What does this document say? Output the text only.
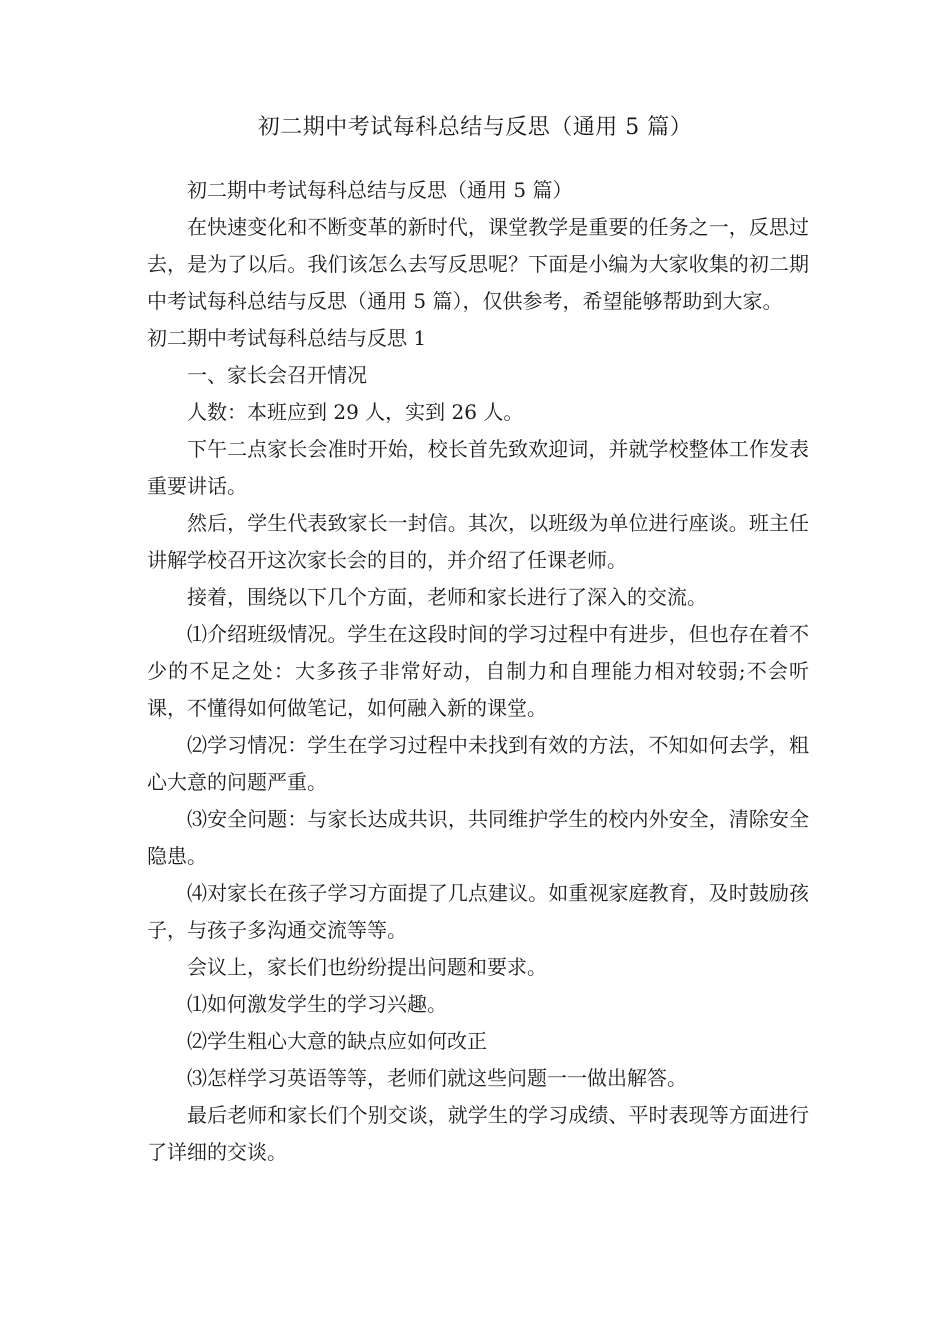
初二期中考试每科总结与反思（通用 5 篇）

初二期中考试每科总结与反思（通用 5 篇）

在快速变化和不断变革的新时代，课堂教学是重要的任务之一，反思过去，是为了以后。我们该怎么去写反思呢？下面是小编为大家收集的初二期中考试每科总结与反思（通用 5 篇），仅供参考，希望能够帮助到大家。

初二期中考试每科总结与反思 1

一、家长会召开情况

人数：本班应到 29 人，实到 26 人。

下午二点家长会准时开始，校长首先致欢迎词，并就学校整体工作发表重要讲话。

然后，学生代表致家长一封信。其次，以班级为单位进行座谈。班主任讲解学校召开这次家长会的目的，并介绍了任课老师。

接着，围绕以下几个方面，老师和家长进行了深入的交流。

⑴介绍班级情况。学生在这段时间的学习过程中有进步，但也存在着不少的不足之处：大多孩子非常好动，自制力和自理能力相对较弱;不会听课，不懂得如何做笔记，如何融入新的课堂。

⑵学习情况：学生在学习过程中未找到有效的方法，不知如何去学，粗心大意的问题严重。

⑶安全问题：与家长达成共识，共同维护学生的校内外安全，清除安全隐患。

⑷对家长在孩子学习方面提了几点建议。如重视家庭教育，及时鼓励孩子，与孩子多沟通交流等等。

会议上，家长们也纷纷提出问题和要求。

⑴如何激发学生的学习兴趣。

⑵学生粗心大意的缺点应如何改正

⑶怎样学习英语等等，老师们就这些问题一一做出解答。

最后老师和家长们个别交谈，就学生的学习成绩、平时表现等方面进行了详细的交谈。
